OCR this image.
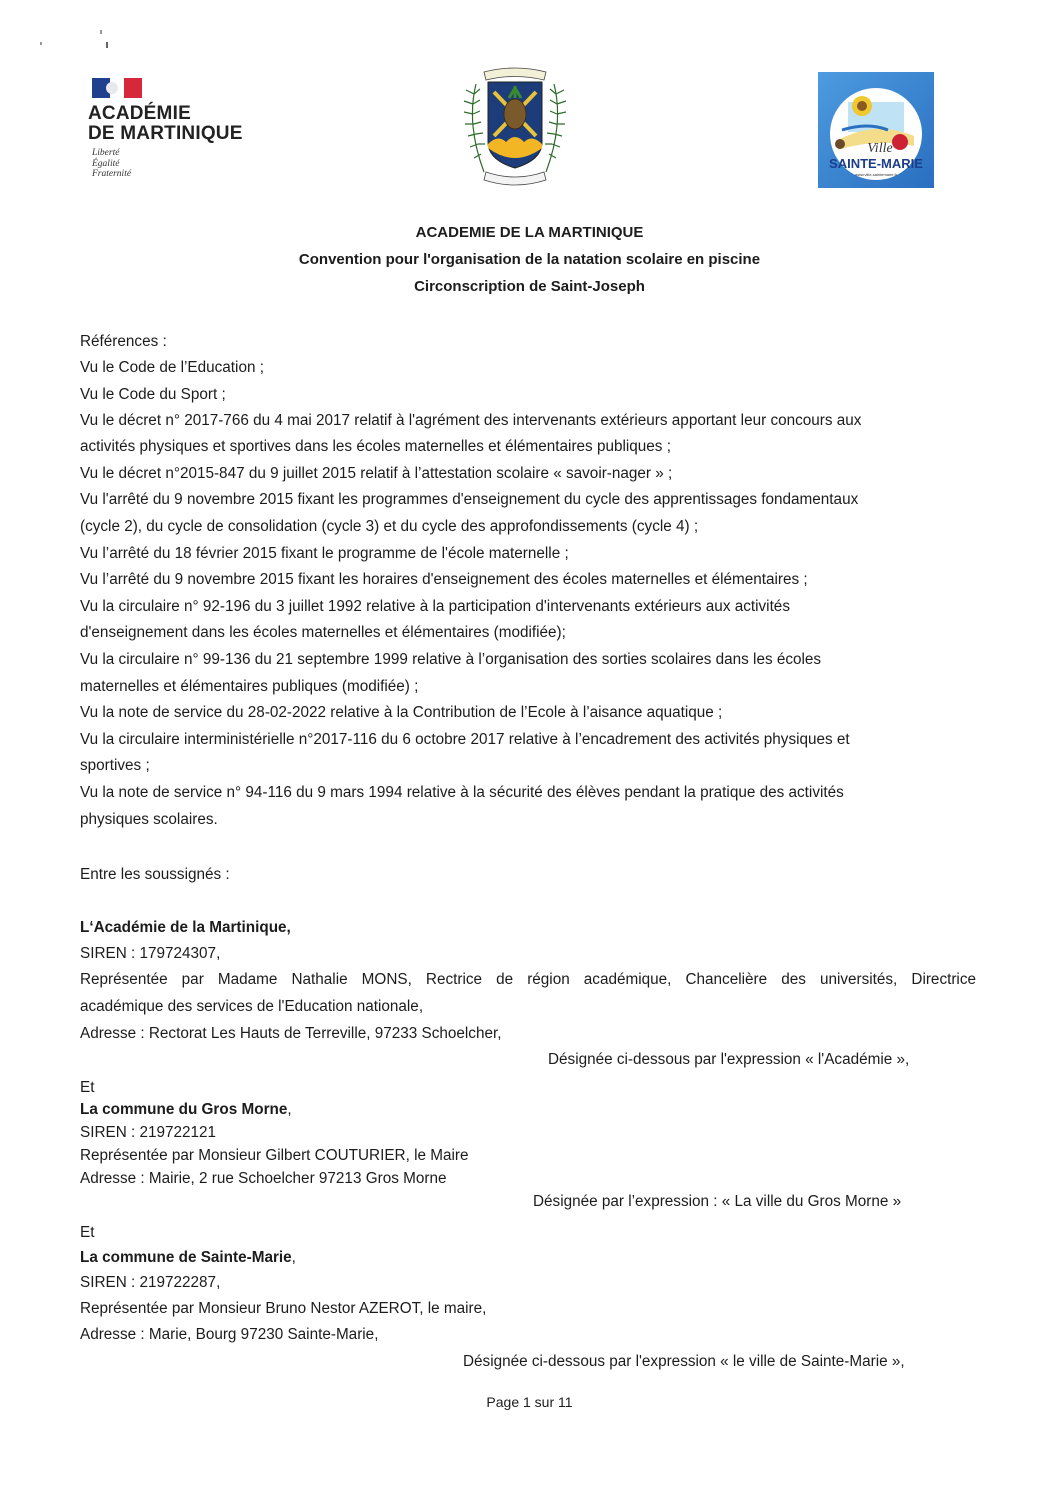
ACADÉMIE
DE MARTINIQUE
Liberté
Égalité
Fraternité
Ville
SAINTE-MARIE
www.ville-saintemarie.fr
ACADEMIE DE LA MARTINIQUE
Convention pour l'organisation de la natation scolaire en piscine
Circonscription de Saint-Joseph
Références :
Vu le Code de l’Education ;
Vu le Code du Sport ;
Vu le décret n° 2017-766 du 4 mai 2017 relatif à l'agrément des intervenants extérieurs apportant leur concours aux
activités physiques et sportives dans les écoles maternelles et élémentaires publiques ;
Vu le décret n°2015-847 du 9 juillet 2015 relatif à l’attestation scolaire « savoir-nager » ;
Vu l'arrêté du 9 novembre 2015 fixant les programmes d'enseignement du cycle des apprentissages fondamentaux
(cycle 2), du cycle de consolidation (cycle 3) et du cycle des approfondissements (cycle 4) ;
Vu l’arrêté du 18 février 2015 fixant le programme de l'école maternelle ;
Vu l’arrêté du 9 novembre 2015 fixant les horaires d'enseignement des écoles maternelles et élémentaires ;
Vu la circulaire n° 92-196 du 3 juillet 1992 relative à la participation d'intervenants extérieurs aux activités
d'enseignement dans les écoles maternelles et élémentaires (modifiée);
Vu la circulaire n° 99-136 du 21 septembre 1999 relative à l’organisation des sorties scolaires dans les écoles
maternelles et élémentaires publiques (modifiée) ;
Vu la note de service du 28-02-2022 relative à la Contribution de l’Ecole à l’aisance aquatique ;
Vu la circulaire interministérielle n°2017-116 du 6 octobre 2017 relative à l’encadrement des activités physiques et
sportives ;
Vu la note de service n° 94-116 du 9 mars 1994 relative à la sécurité des élèves pendant la pratique des activités
physiques scolaires.
Entre les soussignés :
L‘Académie de la Martinique,
SIREN : 179724307,
Représentée par Madame Nathalie MONS, Rectrice de région académique, Chancelière des universités, Directrice
académique des services de l'Education nationale,
Adresse : Rectorat Les Hauts de Terreville, 97233 Schoelcher,
Désignée ci-dessous par l'expression « l'Académie »,
Et
La commune du Gros Morne,
SIREN : 219722121
Représentée par Monsieur Gilbert COUTURIER, le Maire
Adresse : Mairie, 2 rue Schoelcher 97213 Gros Morne
Désignée par l’expression : « La ville du Gros Morne »
Et
La commune de Sainte-Marie,
SIREN : 219722287,
Représentée par Monsieur Bruno Nestor AZEROT, le maire,
Adresse : Marie, Bourg 97230 Sainte-Marie,
Désignée ci-dessous par l'expression « le ville de Sainte-Marie »,
Page 1 sur 11
